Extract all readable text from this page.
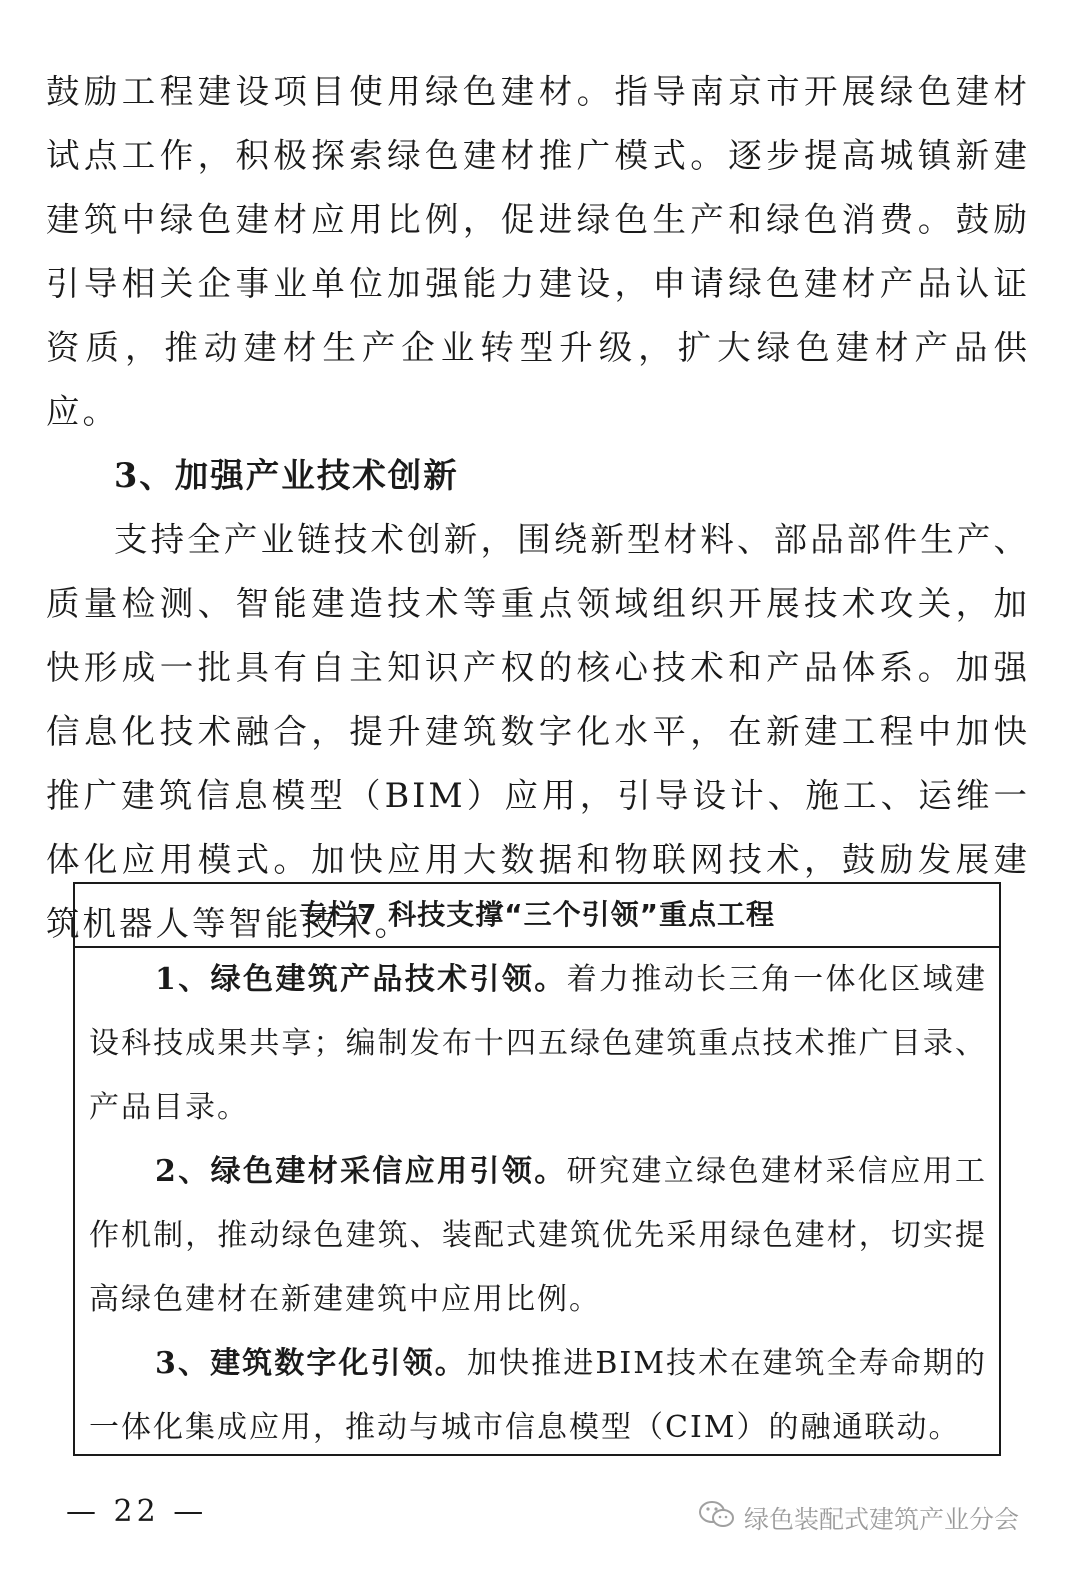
鼓励工程建设项目使用绿色建材。指导南京市开展绿色建材试点工作，积极探索绿色建材推广模式。逐步提高城镇新建建筑中绿色建材应用比例，促进绿色生产和绿色消费。鼓励引导相关企事业单位加强能力建设，申请绿色建材产品认证资质，推动建材生产企业转型升级，扩大绿色建材产品供应。

3、加强产业技术创新

支持全产业链技术创新，围绕新型材料、部品部件生产、质量检测、智能建造技术等重点领域组织开展技术攻关，加快形成一批具有自主知识产权的核心技术和产品体系。加强信息化技术融合，提升建筑数字化水平，在新建工程中加快推广建筑信息模型（BIM）应用，引导设计、施工、运维一体化应用模式。加快应用大数据和物联网技术，鼓励发展建筑机器人等智能技术。

专栏7 科技支撑“三个引领”重点工程

1、绿色建筑产品技术引领。着力推动长三角一体化区域建设科技成果共享；编制发布十四五绿色建筑重点技术推广目录、产品目录。

2、绿色建材采信应用引领。研究建立绿色建材采信应用工作机制，推动绿色建筑、装配式建筑优先采用绿色建材，切实提高绿色建材在新建建筑中应用比例。

3、建筑数字化引领。加快推进BIM技术在建筑全寿命期的一体化集成应用，推动与城市信息模型（CIM）的融通联动。

— 22 —	绿色装配式建筑产业分会
